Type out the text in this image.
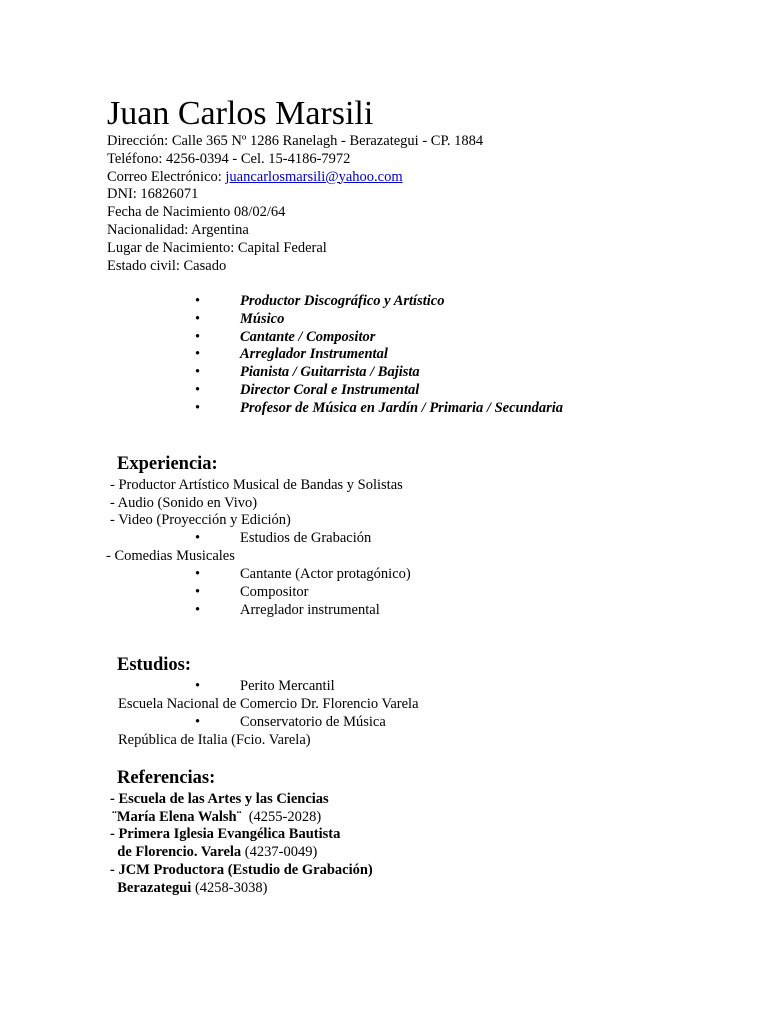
Juan Carlos Marsili
Dirección: Calle 365 Nº 1286 Ranelagh - Berazategui - CP. 1884
Teléfono: 4256-0394 - Cel. 15-4186-7972
Correo Electrónico: juancarlosmarsili@yahoo.com
DNI: 16826071
Fecha de Nacimiento 08/02/64
Nacionalidad: Argentina
Lugar de Nacimiento: Capital Federal
Estado civil: Casado
•	Productor Discográfico y Artístico
•	Músico
•	Cantante / Compositor
•	Arreglador Instrumental
•	Pianista / Guitarrista / Bajista
•	Director Coral e Instrumental
•	Profesor de Música en Jardín / Primaria / Secundaria
Experiencia:
- Productor Artístico Musical de Bandas y Solistas
- Audio (Sonido en Vivo)
- Video (Proyección y Edición)
•	Estudios de Grabación
- Comedias Musicales
•	Cantante (Actor protagónico)
•	Compositor
•	Arreglador instrumental
Estudios:
•	Perito Mercantil
Escuela Nacional de Comercio Dr. Florencio Varela
•	Conservatorio de Música
República de Italia (Fcio. Varela)
Referencias:
- Escuela de las Artes y las Ciencias
¨María Elena Walsh¨  (4255-2028)
- Primera Iglesia Evangélica Bautista
de Florencio. Varela (4237-0049)
- JCM Productora (Estudio de Grabación)
Berazategui (4258-3038)
